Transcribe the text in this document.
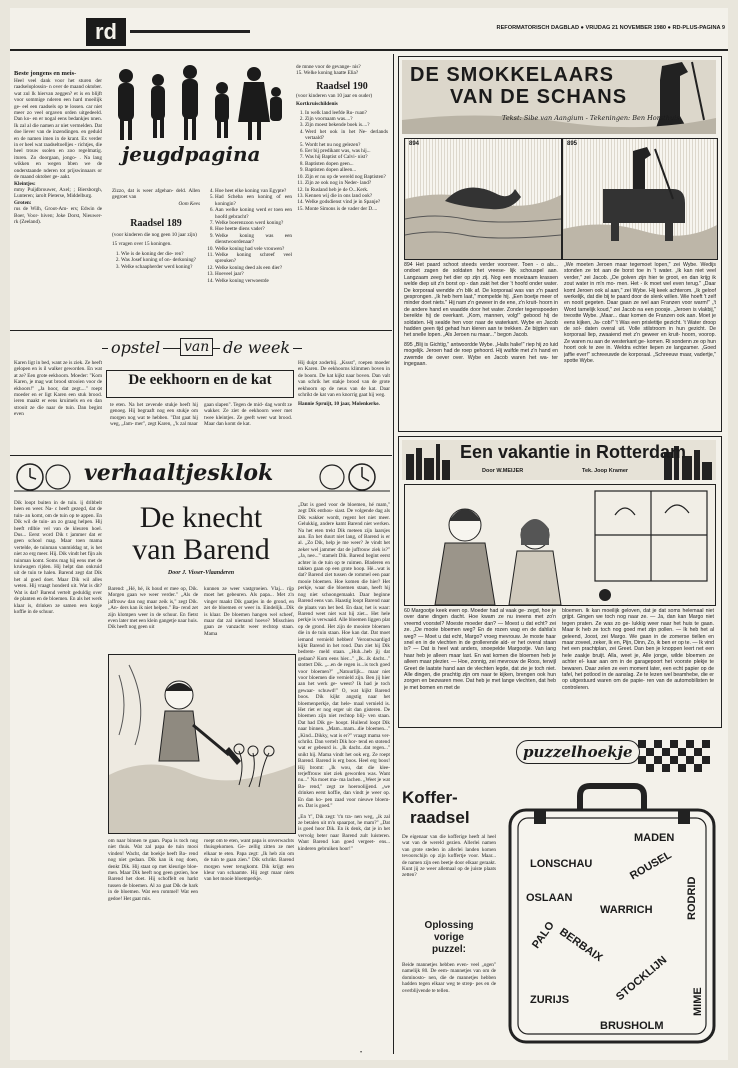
rd	REFORMATORISCH DAGBLAD ● VRIJDAG 21 NOVEMBER 1980 ● RD-PLUS-PAGINA 9

Beste jongens en meis-

Heel veel dank voor het sturen der raadseloplossin- n over de maand oktober. wat zul lk hiervan zeggen? et is en blijft voor sommige nderen een hard moeilijk ge- eel een raadsels op te lossen. car niet meer zo veel orgaven orden uitgedeeld. Dan ko- en er nogal eens bedankjes nnen. Ik zal al die namen ar niet vermelden. Dat doe liever van de inzendingen. en geduld en de namen imen in de krant. Ex verder in er heel wat raadseltoelljes - richtjes, die heel trouw ssolen en zoo regelmatig. ituren. Zo doorgaan, jongo- . Na lang wikken en wegen bben we de onderstaande nderen tot prijswinnaars or de maand oktober ge- aakt.

Kleintjes:

mmy Puijdbrouwer, Axel; ; Biersborgh, Lunteren; iarolt Pieterse, Middelburg.

Groten:

rus de Wilh, Groot-Am- ers; Edwin de Boer, Voor- hiven; Joke Dorst, Nieuwer- rk (Zeeland).

jeugdpagina

Zizzo, dat is weer afgehan- deld. Allen gegroet van

Oom Kees

Raadsel 189

(voor kinderen die nog geen 10 jaar zijn)

15 vragen over 15 koningen.

1. Wie is de koning der die- ren?
2. Was Josef koning of on- derkoning?
3. Welke schaapherder werd koning?
4. Hoe heet elke koning van Egypte?
5. Had Scheba een koning of een koningin?
6. Aan welke koning werd er toen een hoofd gebracht?
7. Welke boerenzoon werd koning?
8. Hoe heette diens vader?
9. Welke koning was een dienstwoordenaar?
10. Welke koning had vele vrouwen?
11. Welke koning schreef veel spreuken?
12. Welke koning deed als een dier?
13. Hoeveel jaar?
14. Welke koning verwoestde

de mnne voor de gevange- nis?

15. Welke koning haatte Elia?

Raadsel 190

(voor kinderen van 10 jaar en ouder)

Kortkruischildenis

1. In welk land leefde Ru- ruan?
2. Zijn voornaam was....?
3. Zijn moest bekende boek is....?
4. Werd het ook in het Ne- derlands vertaald?
5. Wordt het nu nog gelezen?
6. Eer bij predikant was, was hij...
7. Was hij Baptist of Calvi- nist?
8. Baptisten dopen geen...
9. Baptisten dopen alleen...
10. Zijn er nu op de wereld nog Baptisten?
11. Zijn ze ook nog in Neder- land?
12. In Rusland heb je de O...Kerk.
13. Kennen wij die in ons land ook?
14. Welke godsdienst vind je in Spanje?
15. Monte Simons is de vader der D....
opstel van de week

Karen ligt in bed, want ze is ziek. Ze heeft gelopen en is il walker geworden. En wat at ze? Een grote eekhoorn. Moeder: "Kom Karen, je mag wat brood strooien voor de ekhoors!" „Ja hoor, dat zegt...." roept moeder en er ligt Karen een stuk brood. ieren maakt er eens kruimels en en dan strooit ze die naar de tuin. Dan begint even

De eekhoorn en de kat

te eten. Na het zevende stukje heeft hij genoeg. Hij begraaft nog een stukje om morgen nog wat te hebben. "Dat gaat hij weg, „Jam- mer", zegt Karen, „'k zal maar

gaan slapen". Tegen de mid- dag wordt ze wakker. Ze ziet de eekhoorn weer met twee kleintjes. Ze geeft weer wat brood. Maar dan komt de kat.

Hij duipt zoderbij. „Kssst", roepen moeder en Karen. De eekhoorns klimmen boven in de boom. De kat kijkt naar boven. Dan valt van schrik het stakje brood van de grote eekhoorn op de neus van de kat. Daar schrikt de kat van en knorrig gaat hij weg.

Hannie Spruijt, 10 jaar, Molenkerke.

verhaaltjesklok

Dik loopt buiten in de tuin. ij dribbelt heen en weer. Na- c heeft gezegd, dat de tuin- an komt, om de tuin op te appen. En Dik wil de tuin- an zo graag helpen. Hij heeft rdlbie vel van de kleuren hoel. Dus... Eerst word Dik t jammer dat er geen school mag. Maar toen mama vertelde, de tuinman vanmiddag nt, is het niet zo erg meer. Hij. Dik vindt het fijn als tuinman komt. Soms mag hij eens met de kruiwagen rijden. Hij helpt dan onkruid uit de tuin te halen. Barend zegt dat Dik het al goed doet. Maar Dik wil alles weten. Hij vraagt honderd uit. Wat is dit? Wat is dat? Barend vertelt geduldig over de planten en de bloemen. En als het werk klaar is, drinken ze samen een kopje koffie in de schuur.

De knecht
van Barend
Door J. Visser-Vlaanderen

Barend: „Hé, hé, ik houd er mee op, Dik. Morgen gaan we weer verder." „Als de jaffrouw dan nog maar zeik is," zegt Dik. „An- ders kan ik niet helpen." Ba- rend zet zijn klompen weer in de schuur. En fietst even later met een klein gangetje naar huis. Dik heeft nog geen uit

kunnen ze weer vastgroeien. Vlaj... rijp moet het gebeuren. Als papa... Met z'n vinger maakt Dik gaatjes in de grond, en zet de bloemen er weer in. Eindelijk...Dik is klaar. De bloemen hangen wel scheef, maar dat zal niemand hoeve? Misschien gaan ze vanzacht weer rechtop staan. Mama

„Dat is goed voor de bloemen, hé mam," zegt Dik enthou- siast. De volgende dag als Dik wakker wordt, regent het niet meer. Gelukkig, andere kamt Barend niet werken. Na het eten trekt Dik meteen zijn laarsjes aan. En het duurt niet lang, of Barend is er al. „Zo Dik, help je me weer? Je vindt het zeker wel jammer dat de juffrouw ziek is?" „Ja, nee..." stamelt Dik. Barend begint eerst achter in de tuin op te ruimen. Bladeren en takken gaan op een grote hoop. Hè...wat is dat? Barend ziet tussen de rommel een paar mooie bloemen. Hoe komen die hier? Het perkje, waar die bloemen staan, heeft hij nog niet schoongemaakt. Daar beginne Barend eens van. Haastig loopt Barend naar de plaats van het bed. En daar, het is waar: Barend weet niet wat hij ziet... Het hele perkje is verwaaid. Alle bloemen liggen plat op de grond. Het zijn de mooiste bloemen die in de tuin staan. Hoe kan dat. Dat moet iemand vernield hebben! Verontwaardigd kijkt Barend in het rond. Dan ziet hij Dik bedrem- meld staan. „Huh...heb jij dat gedaan? Kom eens hier..." „Ik...ik dacht..." stottert Dik. „...en de regen is...is toch goed voor bloemen?" „Natuurlijk... maar niet voor bloemen die vernield zijn. Ben jij hier aan het werk ge- weest? Ik had je toch gewaar- schuwd!" O, wat kijkt Barend boos. Dik kijkt angstig naar het bloemenperkje, dat hele- maal vernield is. Het riet er nog erger uit dan gisteren. De bloemen zijn niet rechtop blij- ven staan. Dat had Dik ge- hoopt. Huilend loopt Dik naar binnen. „Mam...mam...die bloemen..." „Kind...Dikky, wat is er?" vraagt mama ver- schrikt. Dan vertelt Dik hor- tend en stotend wat er gebeurd is. „Ik dacht...dat regen..." snikt hij. Mama vindt het ook erg. Ze roept Barend. Barend is erg boos. Heel erg boos! Hij bromt: „Ik wou, dat die klee- terjeffrouw niet ziek geworden was. Want nu..." Na moet ma- ma lachen. „Weet je wat Ba- rend," zegt ze hoeroolijjend. „we drinken eerst koffie, dan vindt je weer op. En dan ko- pen zaad voor nieuwe bloem- en. Dat is goed."

„En 't", Dik zegt: 't'n tra- nen weg, „ik zal ze betalen uit m'n spaarpot, he mam?" „Dat is goed hoor Dik. En ik denk, dat je in het vervolg beter naar Barend zult luisteren. Want Barend kan goed vergeet- ens... kinderen gebruiken hoor!"

om naar binnen te gaan. Papa is toch nog niet thuis. Wat zal papa de tuin mooi vinden! Wacht, dat boekje heeft Ba- rend nog niet gedaan. Dik kan ik nog doen, denkt Dik. Hij staat op met kleurige bloe- men. Maar Dik heeft nog geen gezien, hoe Barend het doet. Hij schoffelt en harkt tussen de bloemen. Al zo gaat Dik de hark in de bloemen. Wat een rommel! Wat een gedoe! Het gaat mis.

roept om te eten, want papa is onverwachts thuisgekomen. Ge- zellig zitten ze met elkaar te eten. Papa zegt: „Ik heb zin om de tuin te gaan zien." Dik schrikt. Barend morgen weer terugkomt. Dik krijgt een kleur van schaamte. Hij zegt maar niets van het mooie bloemperkje.

DE SMOKKELAARS
VAN DE SCHANS
Tekst: Sibe van Aangium - Tekeningen: Ben Horsthuis
894	895

894 Het paard schoot steeds verder voorover. Toen - o als... ondoet zagen de soldaten het vreese- lijk schouspel aan. Langzaam zeeg het dier op zijn zij. Nog een moeizaam krassen welde diep uit z'n borst op - dan zakt het dier 't hoofd onder water. De korporaal wendde z'n blik af. De korporaal was van z'n paard gesprongen. „Ik heb hem laat," mompelde hij. „Een boetje meer of minder doet niets." Hij nam z'n geweer in de ene, z'n kruit- hoorn in de andere hand en waadde door het water. Zonder tegenspoeden bereikte hij de overkant. „Kom, mannen, volg!" gebood hij de soldaten. Hij sealde hen voor naar de waterkant. Wybe en Jacob hadden geen tijd gehad hun kleren aan te trekken. Ze bijgten van het snelle lopen. „Als Jeroen nu maar..." begon Jacob.

895 „Blij is Gichtig," antwoordde Wybe. „Halls halie!" riep hij zo luid mogelijk. Jeroen had de roep gehoord. Hij wuifde met z'n hand en zwemde de oever over. Wybe en Jacob waren het wa- ter ingegaan.

„We moeten Jeroen maar tegemoet lopen," zei Wybe. Wedijs stonden ze tot aan de borst toe in 't water. „Ik kan niet veel verder," zei Jacob. „De golven zijn hier te groot, en dan krijg ik zout water in m'n mo- men. Het - ik moet wel even terug." „Daar komt Jeroen ook al aan," zei Wybe. Hij keek achterom. „Ik geloof werkelijk, dat die bij te paard door de slenk willen. Wie hoeft 't zelf en nooit gegeten. Daar gaan ze wel aan Franzen voor warm!" „'t Word tamelijk koud," zei Jacob na een poosje. „Jeroen is vlakbij," treostte Wybe. „Maar... daar komen de Franzen ook aan. Moet je eens kijken, Ja- cob!" 't Was een prisletitje gezicht. 't Water droop de sol- daten overal uit. Volle stilstroom in hun gezicht. De korporaal liep, zwaaiend met z'n geweer en kruit- hoorn, voorop. Ze waren nu aan de westerkant ge- komen. Ri sondenn ze op hun hoort ook te zee in. Weldra echter liepen ze langzamer. „Goed jaffie ever!" schreeuwde de korporaal. „Schreeuw maar, vadertje," spotte Wybe.

Een vakantie in Rotterdam
Door W.MEIJER	Tek. Joop Kramer

60 Margootje keek even op. Moeder had al vaak ge- zegd, hoe je over dane dingen dacht. Hoe kwam ze nu ineens met zo'n vreemd voorstel? Moeste moeder dan? — Moest u dat echt? zei ze. „De mooie bloemen weg? En de rozen wag en de dahlia's weg? — Moet u dat echt, Margo? vroeg mevrouw. Je moste haar snel en in de vlechten in de grollerende ald- er het overal staan is? — Dat is heel wat anders, snoepelde Margootje. Van lang haar heb je alleen maar last. En wat komen die bloemen heb je alleen maar plezier. — Hoe, zonnig, zei mevrouw de Roos, terwijl Greet de laatste hand aan de vlechten legde, dat zie je toch niet. Alle dingen, die prachtig zijn om naar te kijken, brengen ook hun zorgen en bezwaren mee. Dat heb je met lange vlechten, dat heb je met bomen en met de

bloemen. Ik kan moeilijk geloven, dat je dat soms helemaal niet grijpt. Gingen we toch nog naar ze. — Ja, dan kan Margo niet tegen praten. Ze was zo ge- lukkig weer naar het huis te gaan. Maar ik heb ze toch nog goed met zijn pollen. — Ik heb het al geleend, Joost, zei Margo. We gaan in de zomerse tiellen en maar zoveel, zeker, Ik en, Pijn, Dinn, Zo, ik ben er op te. — Ik vind het een prachtplan, zei Greet. Dan ben je knoppen leert net een hele zaakje bruijt. Alla, weet je, Alle jonge, wilde bloemen ze achter el- kaar aan om in de garagepoort het voorste plekje te bewaren. Daar zelen ze een moment later, een echt papier op de tafel, het potlood in de aanslag. Ze te lezen wel beamhebe, die er op uitgestuurd waren om de papie- ren van de automobilisten te controleren.

puzzelhoekje
Koffer-
raadsel

De eigenaar van die kofferige heeft al heel wat van de wereld gezien. Allerlei namen van grote steden in allerlei landen komen tevoorschijn op zijn koffertje voor. Maar... de namen zijn een beetje door elkaar geraakt. Kunt jij ze weer allemaal op de juiste plaats zetten?

Oplossing
vorige
puzzel:

Beide mannetjes hebben even- veel „ogen" namelijk 80. De eem- mannetjes van om de dominosto- nen, die de mannetjes hebben hadden tegen elkaar weg te strep- pes en de overblijvende te tellen.

MADEN
LONSCHAU	ROUSEL
OSLAAN
WARRICH	RODRID
PALO BERBAIX
STOCKLIJN MIME
ZURIJS
BRUSHOLM
•
